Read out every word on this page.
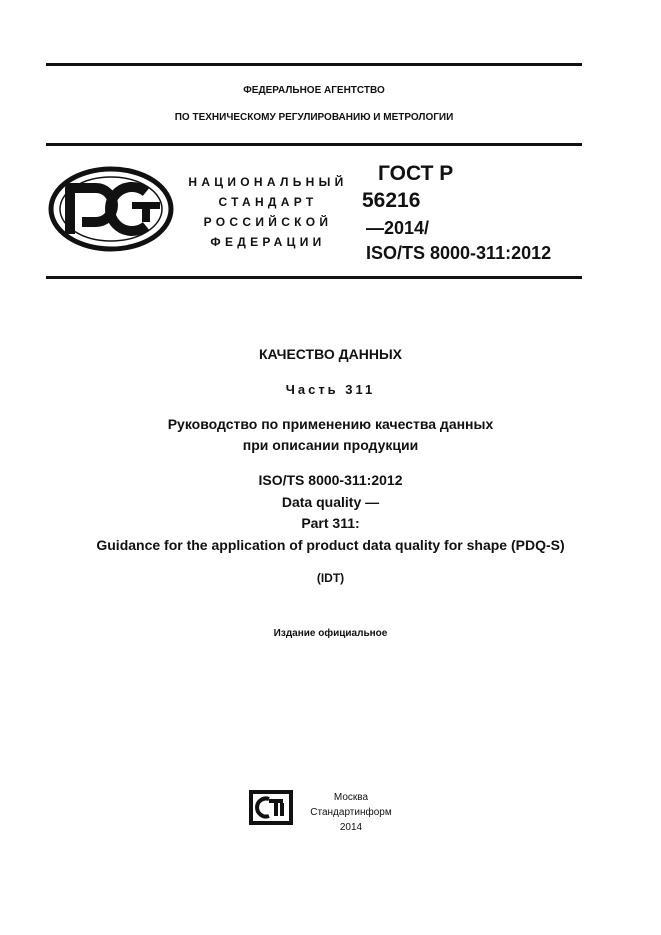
ФЕДЕРАЛЬНОЕ АГЕНТСТВО
ПО ТЕХНИЧЕСКОМУ РЕГУЛИРОВАНИЮ И МЕТРОЛОГИИ
НАЦИОНАЛЬНЫЙ
СТАНДАРТ
РОССИЙСКОЙ
ФЕДЕРАЦИИ
ГОСТ Р
56216
—2014/
ISO/TS 8000-311:2012
КАЧЕСТВО ДАННЫХ
Часть 311
Руководство по применению качества данных
при описании продукции
ISO/TS 8000-311:2012
Data quality —
Part 311:
Guidance for the application of product data quality for shape (PDQ-S)
(IDT)
Издание официальное
Москва
Стандартинформ
2014
